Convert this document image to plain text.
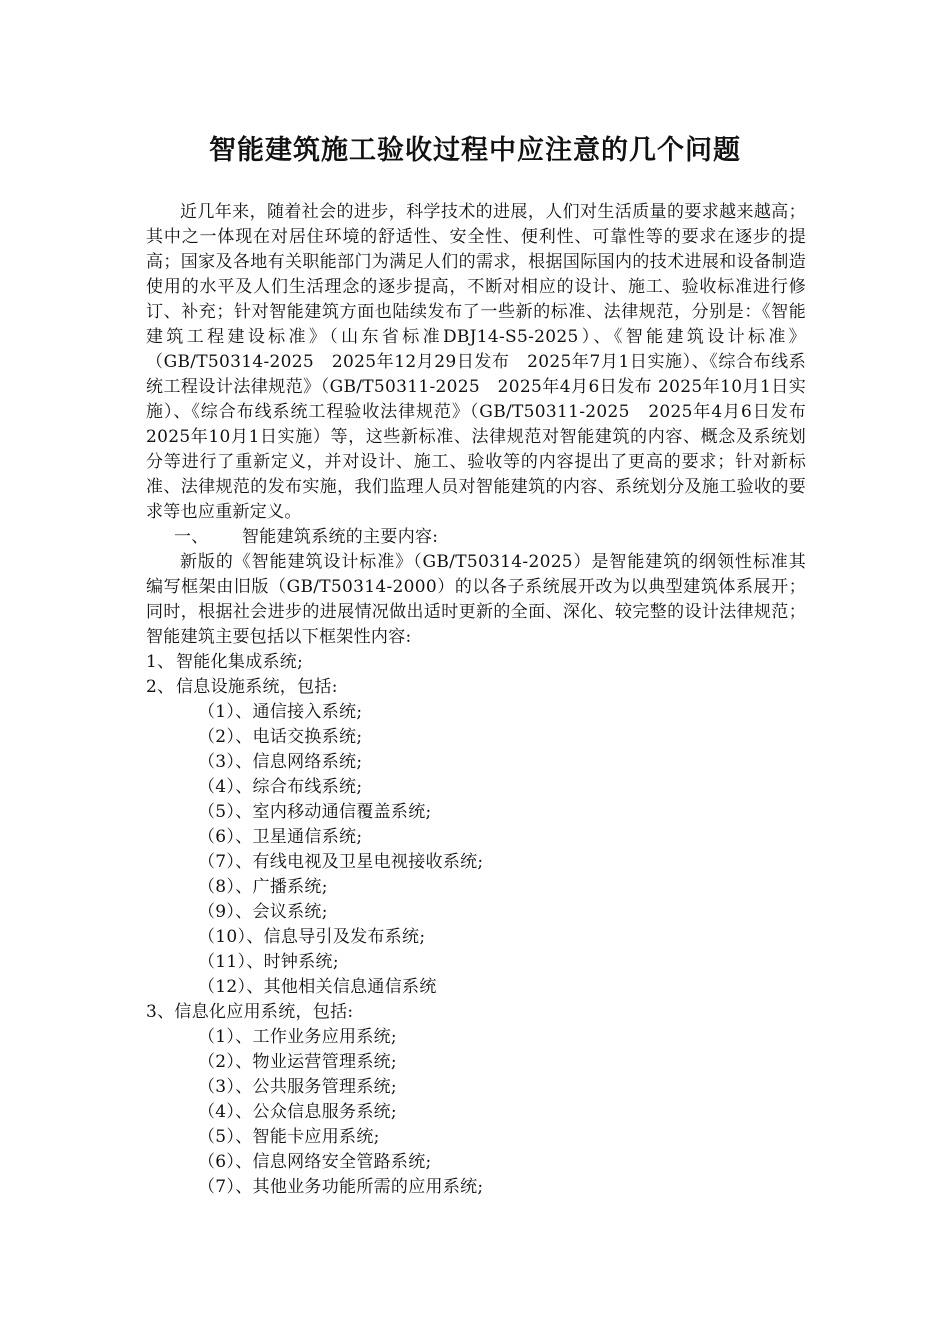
智能建筑施工验收过程中应注意的几个问题

近几年来，随着社会的进步，科学技术的进展，人们对生活质量的要求越来越高；其中之一体现在对居住环境的舒适性、安全性、便利性、可靠性等的要求在逐步的提高；国家及各地有关职能部门为满足人们的需求，根据国际国内的技术进展和设备制造使用的水平及人们生活理念的逐步提高，不断对相应的设计、施工、验收标准进行修订、补充；针对智能建筑方面也陆续发布了一些新的标准、法律规范，分别是：《智能建筑工程建设标准》（山东省标准DBJ14-S5-2025）、《智能建筑设计标准》（GB/T50314-2025　2025年12月29日发布　2025年7月1日实施）、《综合布线系统工程设计法律规范》（GB/T50311-2025　2025年4月6日发布 2025年10月1日实施）、《综合布线系统工程验收法律规范》（GB/T50311-2025　2025年4月6日发布 2025年10月1日实施）等，这些新标准、法律规范对智能建筑的内容、概念及系统划分等进行了重新定义，并对设计、施工、验收等的内容提出了更高的要求；针对新标准、法律规范的发布实施，我们监理人员对智能建筑的内容、系统划分及施工验收的要求等也应重新定义。

一、 智能建筑系统的主要内容:

新版的《智能建筑设计标准》（GB/T50314-2025）是智能建筑的纲领性标准其编写框架由旧版（GB/T50314-2000）的以各子系统展开改为以典型建筑体系展开；同时，根据社会进步的进展情况做出适时更新的全面、深化、较完整的设计法律规范；智能建筑主要包括以下框架性内容:

1、智能化集成系统;

2、信息设施系统，包括:

（1）、通信接入系统;

（2）、电话交换系统;

（3）、信息网络系统;

（4）、综合布线系统;

（5）、室内移动通信覆盖系统;

（6）、卫星通信系统;

（7）、有线电视及卫星电视接收系统;

（8）、广播系统;

（9）、会议系统;

（10）、信息导引及发布系统;

（11）、时钟系统;

（12）、其他相关信息通信系统

3、信息化应用系统，包括:

（1）、工作业务应用系统;

（2）、物业运营管理系统;

（3）、公共服务管理系统;

（4）、公众信息服务系统;

（5）、智能卡应用系统;

（6）、信息网络安全管路系统;

（7）、其他业务功能所需的应用系统;
